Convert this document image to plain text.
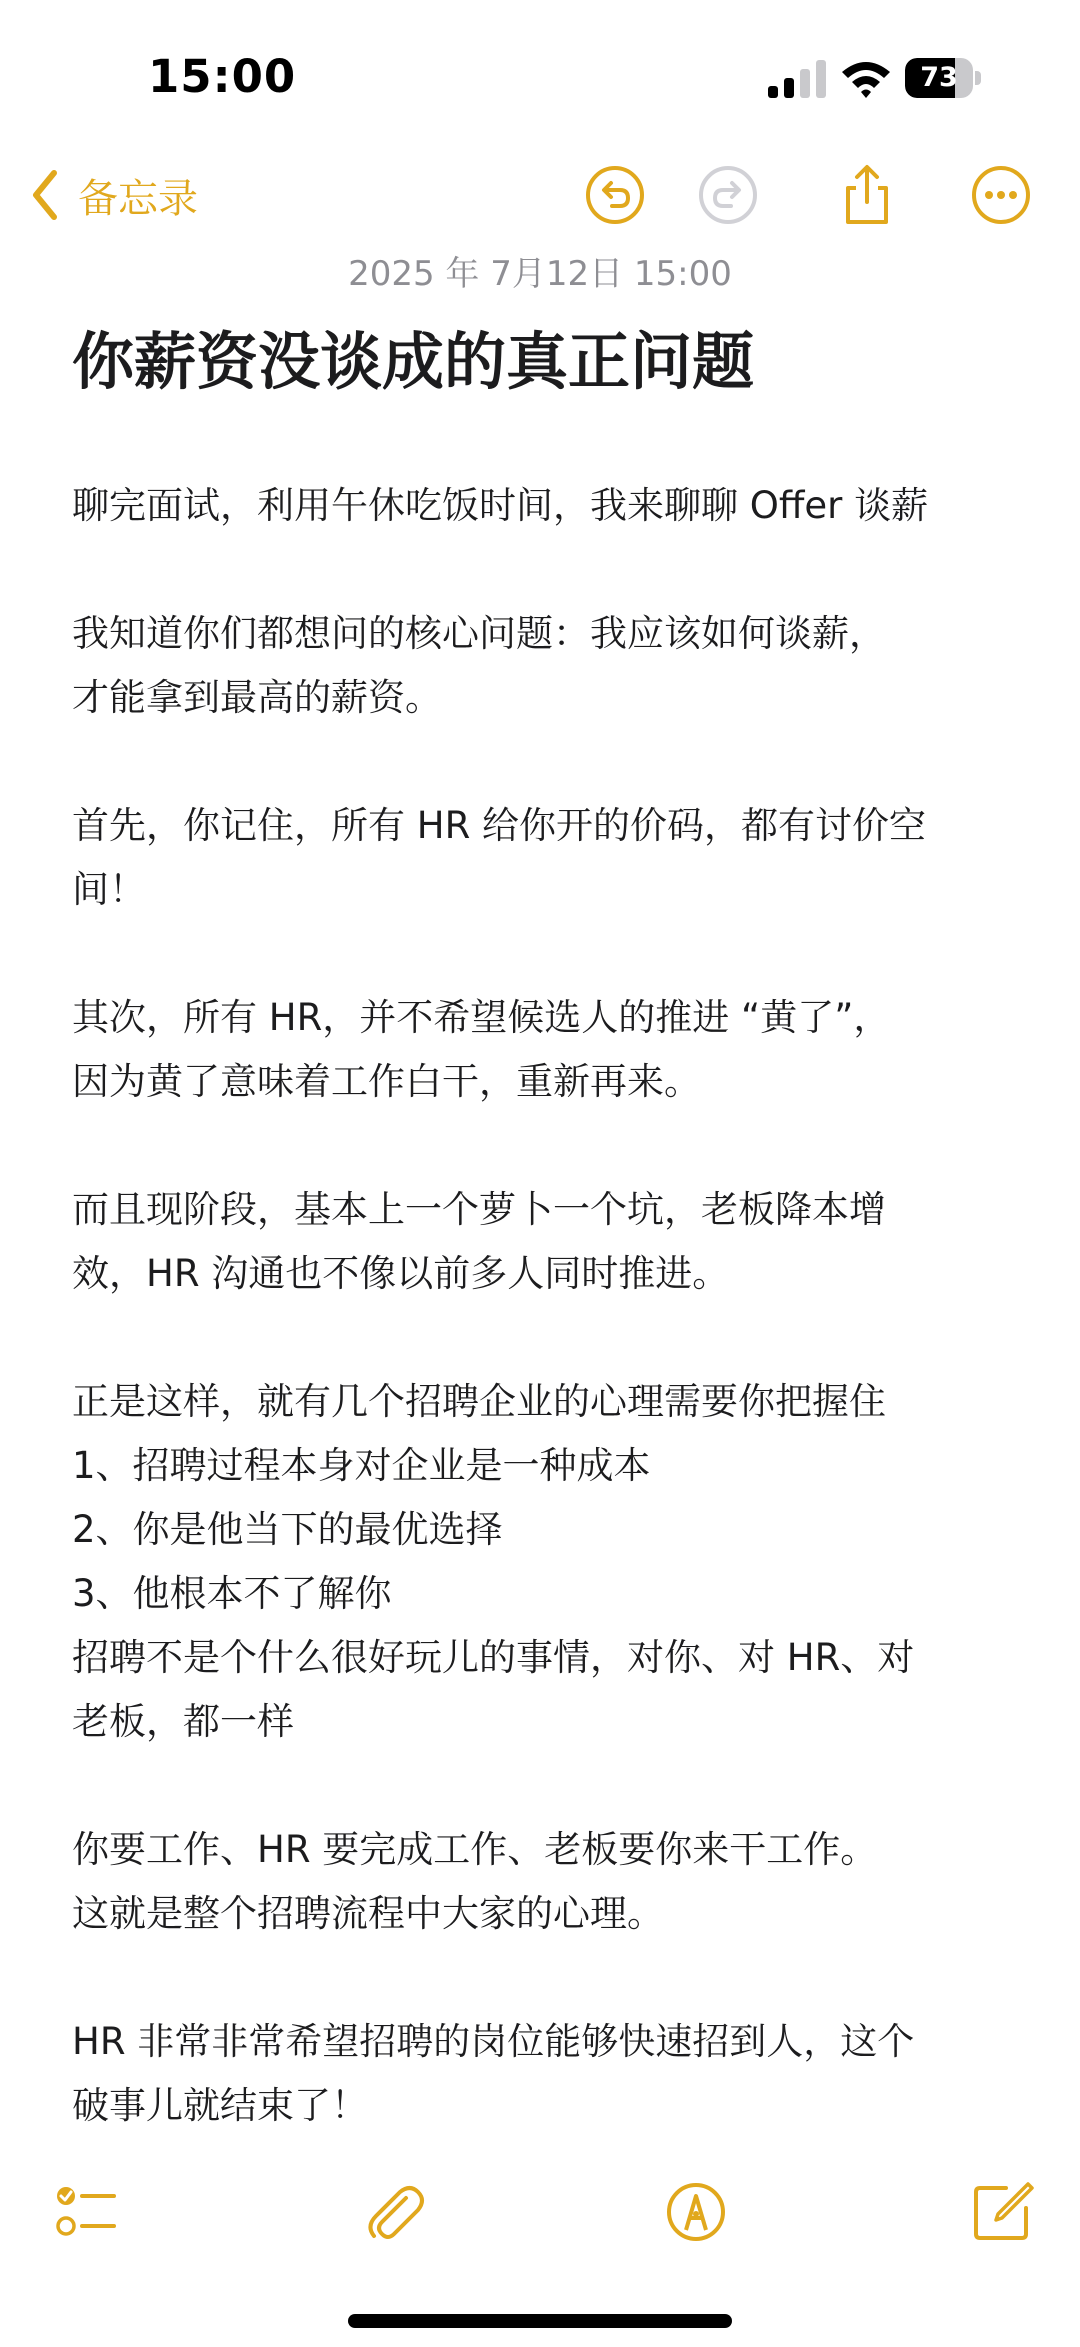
15:00	73
备忘录
2025 年 7月12日 15:00
你薪资没谈成的真正问题
聊完面试，利用午休吃饭时间，我来聊聊 Offer 谈薪
我知道你们都想问的核心问题：我应该如何谈薪，
才能拿到最高的薪资。
首先，你记住，所有 HR 给你开的价码，都有讨价空
间！
其次，所有 HR，并不希望候选人的推进 “黄了”，
因为黄了意味着工作白干，重新再来。
而且现阶段，基本上一个萝卜一个坑，老板降本增
效，HR 沟通也不像以前多人同时推进。
正是这样，就有几个招聘企业的心理需要你把握住
1、招聘过程本身对企业是一种成本
2、你是他当下的最优选择
3、他根本不了解你
招聘不是个什么很好玩儿的事情，对你、对 HR、对
老板，都一样
你要工作、HR 要完成工作、老板要你来干工作。
这就是整个招聘流程中大家的心理。
HR 非常非常希望招聘的岗位能够快速招到人，这个
破事儿就结束了！
